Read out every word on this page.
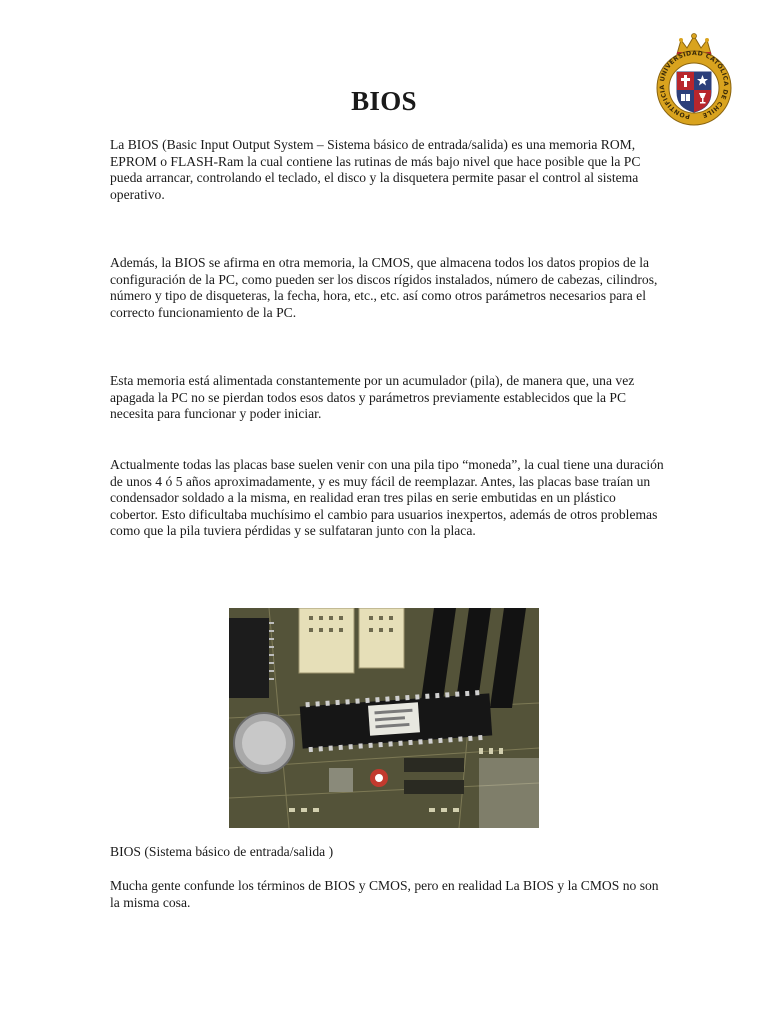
PONTIFICIA UNIVERSIDAD CATÓLICA DE CHILE
BIOS

La BIOS (Basic Input Output System – Sistema básico de entrada/salida) es una memoria ROM, EPROM o FLASH-Ram la cual contiene las rutinas de más bajo nivel que hace posible que la PC pueda arrancar, controlando el teclado, el disco y la disquetera permite pasar el control al sistema operativo.

Además, la BIOS se afirma en otra memoria, la CMOS, que almacena todos los datos propios de la configuración de la PC, como pueden ser los discos rígidos instalados, número de cabezas, cilindros, número y tipo de disqueteras, la fecha, hora, etc., etc. así como otros parámetros necesarios para el correcto funcionamiento de la PC.

Esta memoria está alimentada constantemente por un acumulador (pila), de manera que, una vez apagada la PC no se pierdan todos esos datos y parámetros previamente establecidos que la PC necesita para funcionar y poder iniciar.

Actualmente todas las placas base suelen venir con una pila tipo “moneda”, la cual tiene una duración de unos 4 ó 5 años aproximadamente, y es muy fácil de reemplazar. Antes, las placas base traían un condensador soldado a la misma, en realidad eran tres pilas en serie embutidas en un plástico cobertor. Esto dificultaba muchísimo el cambio para usuarios inexpertos, además de otros problemas como que la pila tuviera pérdidas y se sulfataran junto con la placa.

BIOS (Sistema básico de entrada/salida )

Mucha gente confunde los términos de BIOS y CMOS, pero en realidad La BIOS y la CMOS no son la misma cosa.
